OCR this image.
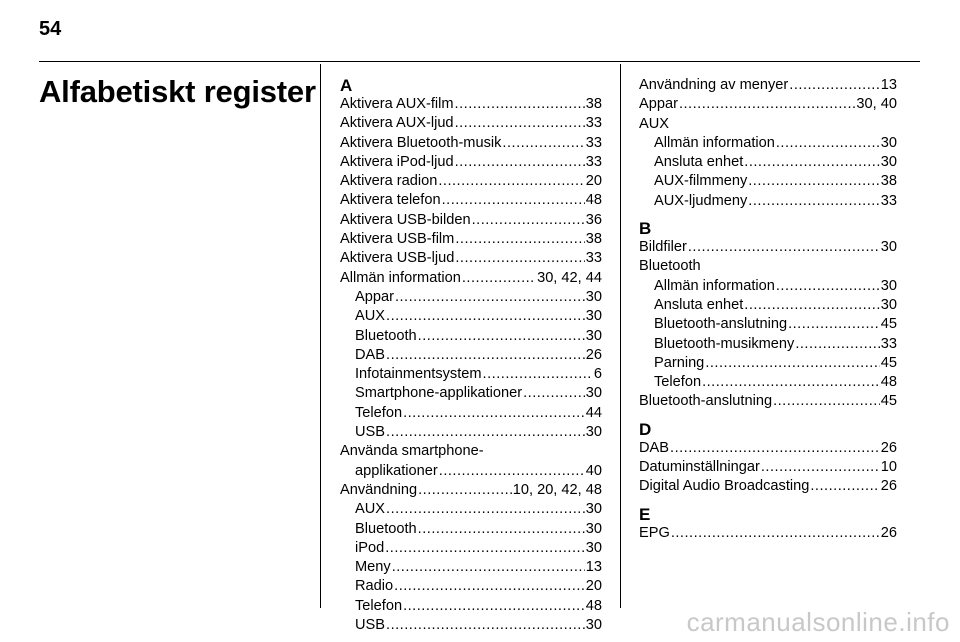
54
Alfabetiskt register A
Aktivera AUX-film .....	38
Aktivera AUX-ljud .....	33
Aktivera Bluetooth-musik .....	33
Aktivera iPod-ljud .....	33
Aktivera radion .....	20
Aktivera telefon .....	48
Aktivera USB-bilden .....	36
Aktivera USB-film .....	38
Aktivera USB-ljud .....	33
Allmän information .....	30, 42, 44
Appar .....	30
AUX .....	30
Bluetooth .....	30
DAB .....	26
Infotainmentsystem .....	6
Smartphone-applikationer .....	30
Telefon .....	44
USB .....	30
Använda smartphone-
applikationer .....	40
Användning .....	10, 20, 42, 48
AUX .....	30
Bluetooth .....	30
iPod .....	30
Meny .....	13
Radio .....	20
Telefon .....	48
USB .....	30
Användning av menyer .....	13
Appar .....	30, 40
AUX
Allmän information .....	30
Ansluta enhet .....	30
AUX-filmmeny .....	38
AUX-ljudmeny .....	33
B
Bildfiler .....	30
Bluetooth
Allmän information .....	30
Ansluta enhet .....	30
Bluetooth-anslutning .....	45
Bluetooth-musikmeny .....	33
Parning .....	45
Telefon .....	48
Bluetooth-anslutning .....	45
D
DAB .....	26
Datuminställningar .....	10
Digital Audio Broadcasting .....	26
E
EPG .....	26
carmanualsonline.info
